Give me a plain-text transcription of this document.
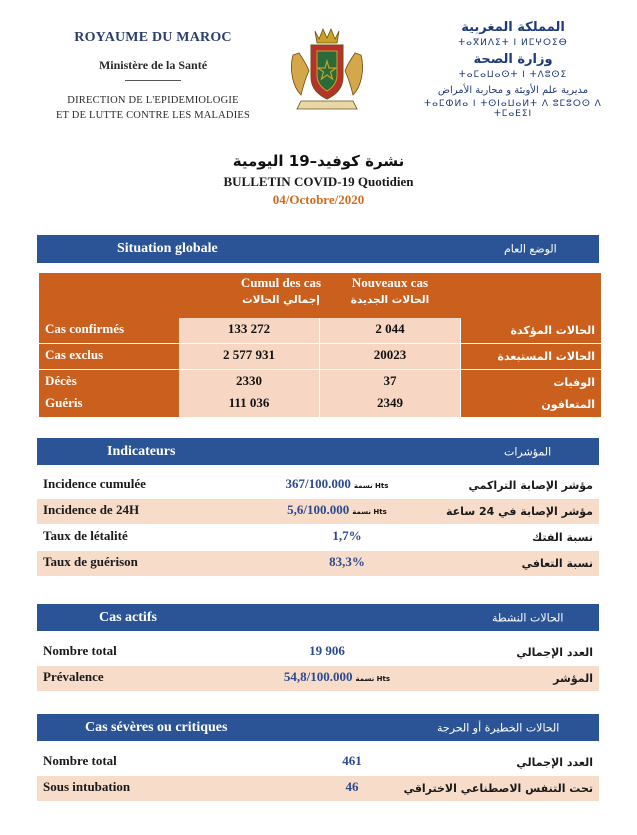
ROYAUME DU MAROC
Ministère de la Santé
DIRECTION DE L'EPIDEMIOLOGIE
ET DE LUTTE CONTRE LES MALADIES
المملكة المغربية
ⵜⴰⴳⵍⴷⵉⵜ ⵏ ⵍⵎⵖⵔⵉⴱ
وزارة الصحة
ⵜⴰⵎⴰⵡⴰⵙⵜ ⵏ ⵜⴷⵓⵙⵉ
مديرية علم الأوبئة و محاربة الأمراض
ⵜⴰⵎⵀⵍⴰ ⵏ ⵜⵙⵏⴰⵡⴰⵍⵜ ⴷ ⵓⵎⵓⵔⵙ ⴷ ⵜⵎⴰⴹⵉⵏ
نشرة كوفيد–19 اليومية
BULLETIN COVID-19 Quotidien
04/Octobre/2020
Situation globale	الوضع العام
Cumul des cas
إجمالي الحالات
Nouveaux cas
الحالات الجديدة
Cas confirmés	133 272	2 044	الحالات المؤكدة
Cas exclus	2 577 931	20023	الحالات المستبعدة
Décès	2330	37	الوفيات
Guéris	111 036	2349	المتعافون
Indicateurs	المؤشرات
Incidence cumulée	367/100.000 نسمة Hts	مؤشر الإصابة التراكمي
Incidence de 24H	5,6/100.000 نسمة Hts	مؤشر الإصابة في 24 ساعة
Taux de létalité	1,7%	نسبة الفتك
Taux de guérison	83,3%	نسبة التعافي
Cas actifs	الحالات النشطة
Nombre total	19 906	العدد الإجمالي
Prévalence	54,8/100.000 نسمة Hts	المؤشر
Cas sévères ou critiques	الحالات الخطيرة أو الحرجة
Nombre total	461	العدد الإجمالي
Sous intubation	46	تحت التنفس الاصطناعي الاختراقي
